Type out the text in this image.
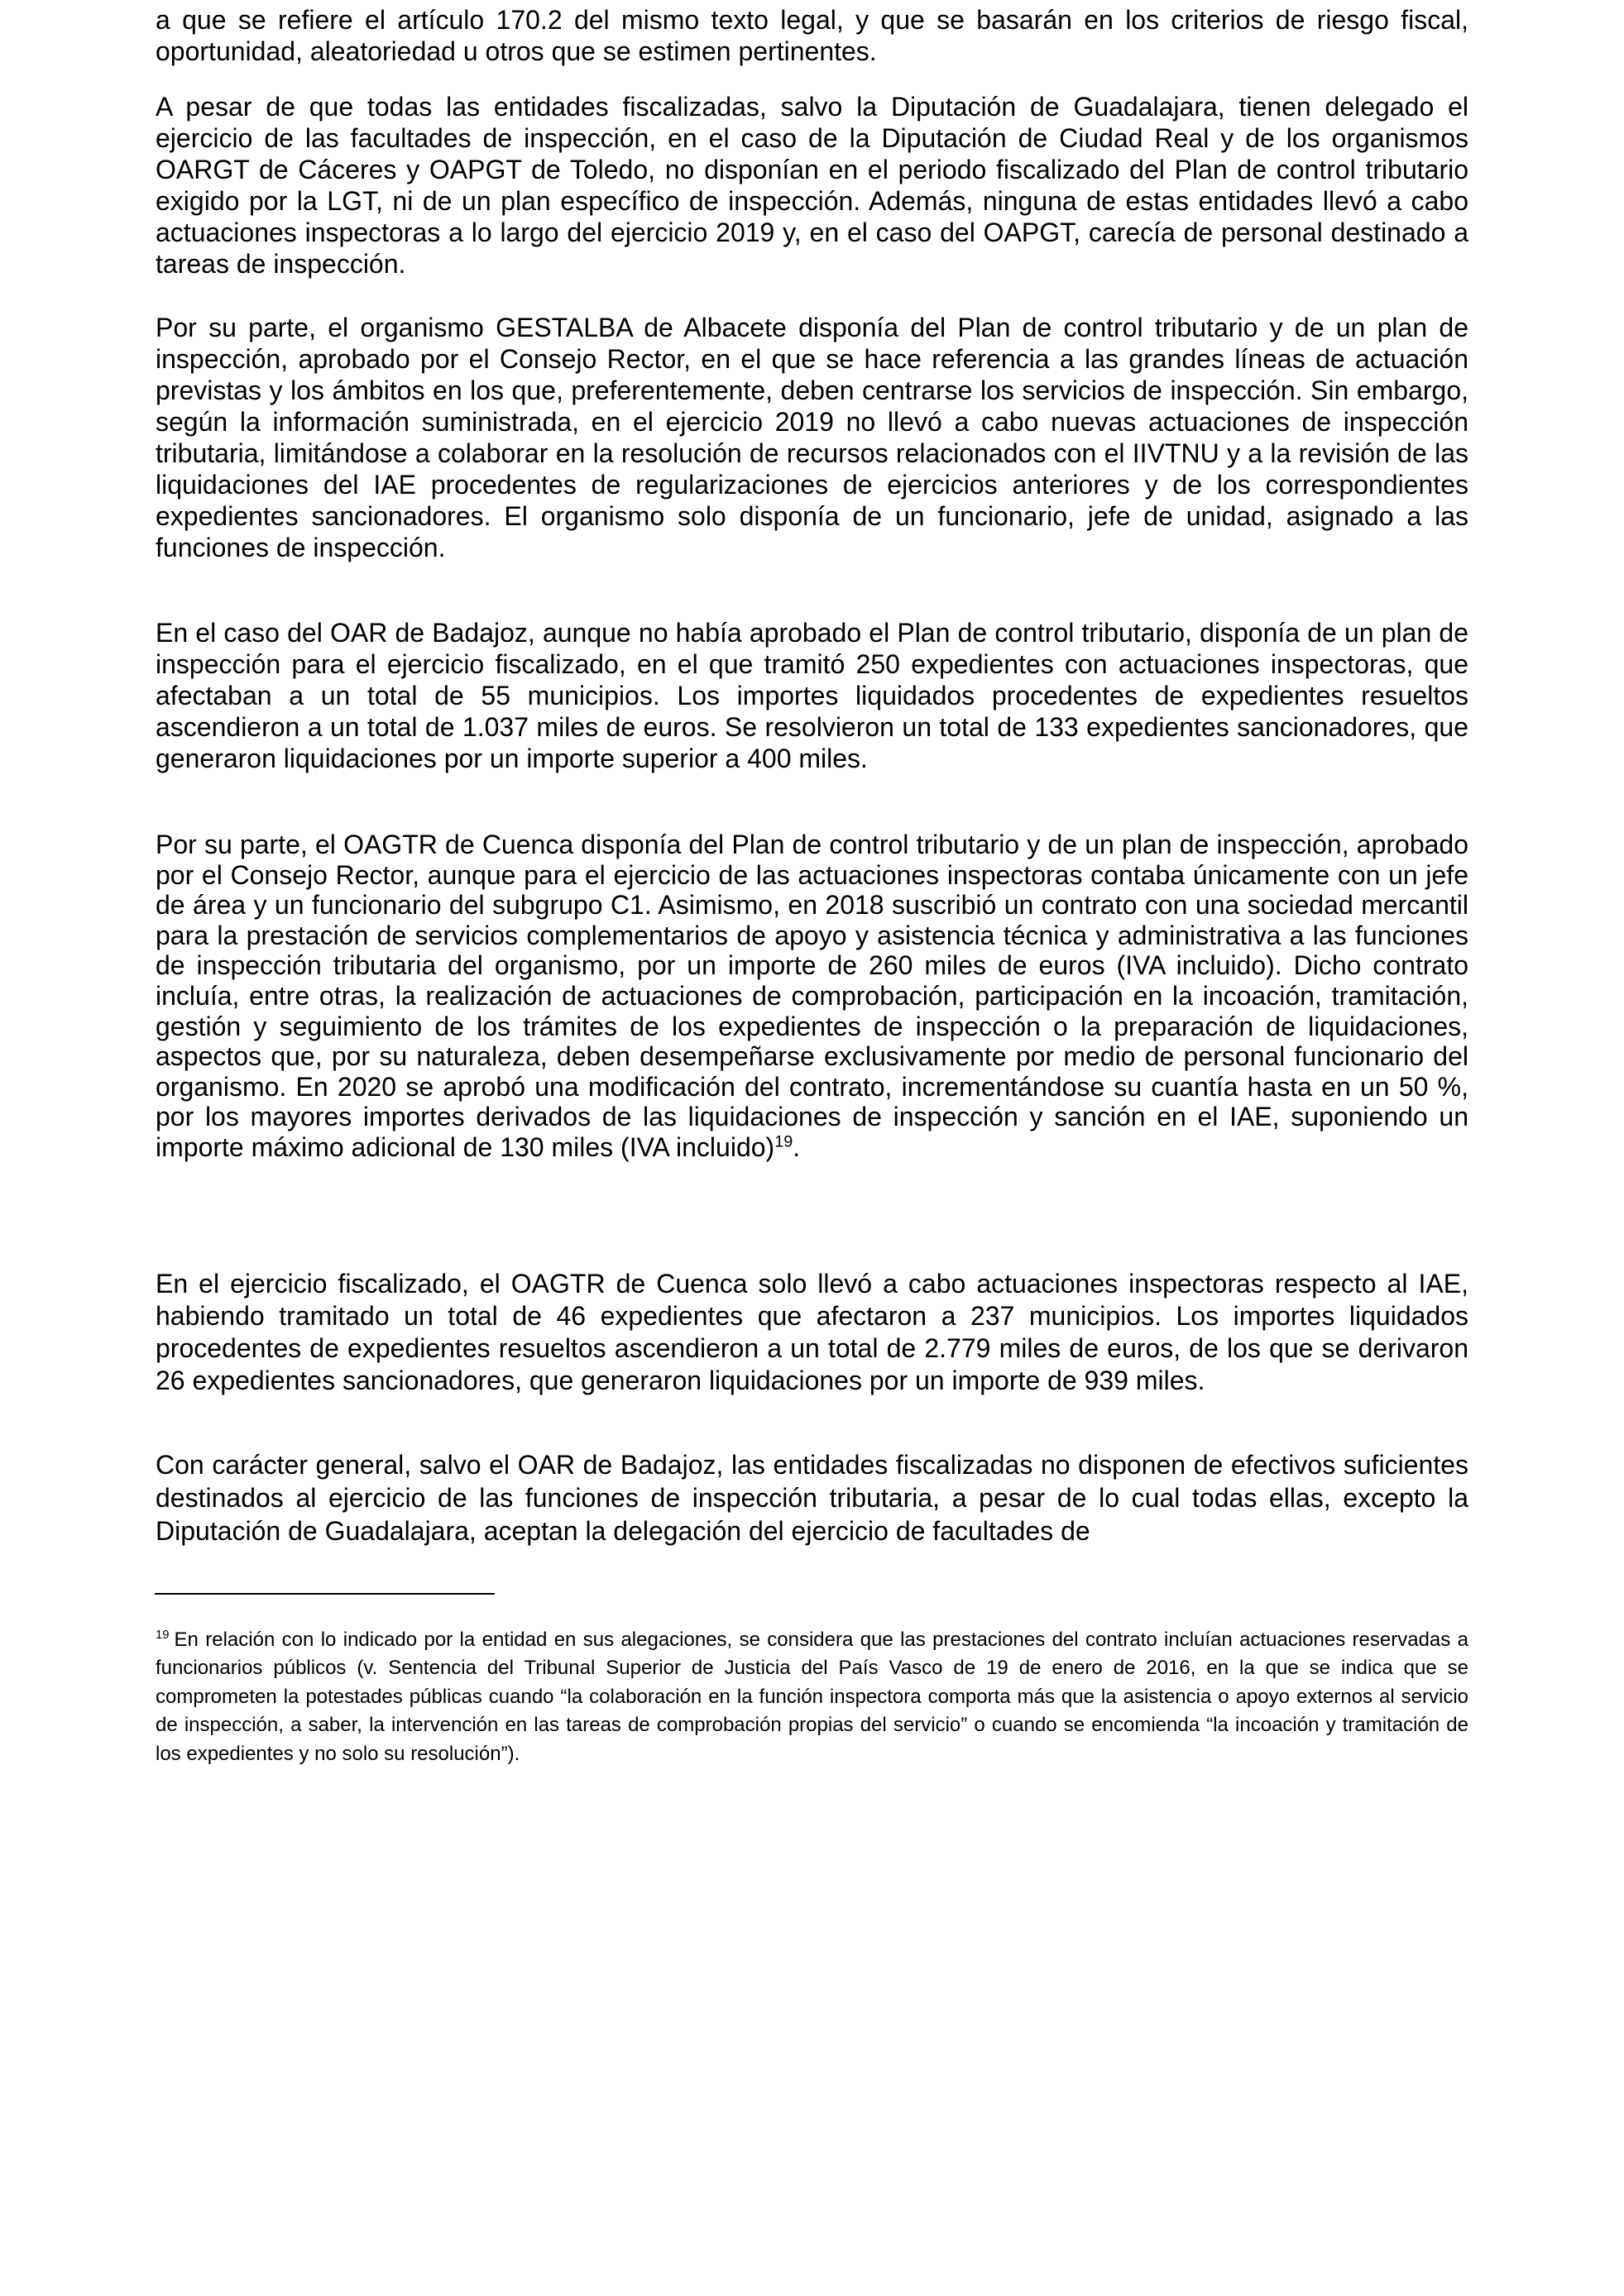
a que se refiere el artículo 170.2 del mismo texto legal, y que se basarán en los criterios de riesgo fiscal, oportunidad, aleatoriedad u otros que se estimen pertinentes.

A pesar de que todas las entidades fiscalizadas, salvo la Diputación de Guadalajara, tienen delegado el ejercicio de las facultades de inspección, en el caso de la Diputación de Ciudad Real y de los organismos OARGT de Cáceres y OAPGT de Toledo, no disponían en el periodo fiscalizado del Plan de control tributario exigido por la LGT, ni de un plan específico de inspección. Además, ninguna de estas entidades llevó a cabo actuaciones inspectoras a lo largo del ejercicio 2019 y, en el caso del OAPGT, carecía de personal destinado a tareas de inspección.

Por su parte, el organismo GESTALBA de Albacete disponía del Plan de control tributario y de un plan de inspección, aprobado por el Consejo Rector, en el que se hace referencia a las grandes líneas de actuación previstas y los ámbitos en los que, preferentemente, deben centrarse los servicios de inspección. Sin embargo, según la información suministrada, en el ejercicio 2019 no llevó a cabo nuevas actuaciones de inspección tributaria, limitándose a colaborar en la resolución de recursos relacionados con el IIVTNU y a la revisión de las liquidaciones del IAE procedentes de regularizaciones de ejercicios anteriores y de los correspondientes expedientes sancionadores. El organismo solo disponía de un funcionario, jefe de unidad, asignado a las funciones de inspección.

En el caso del OAR de Badajoz, aunque no había aprobado el Plan de control tributario, disponía de un plan de inspección para el ejercicio fiscalizado, en el que tramitó 250 expedientes con actuaciones inspectoras, que afectaban a un total de 55 municipios. Los importes liquidados procedentes de expedientes resueltos ascendieron a un total de 1.037 miles de euros. Se resolvieron un total de 133 expedientes sancionadores, que generaron liquidaciones por un importe superior a 400 miles.

Por su parte, el OAGTR de Cuenca disponía del Plan de control tributario y de un plan de inspección, aprobado por el Consejo Rector, aunque para el ejercicio de las actuaciones inspectoras contaba únicamente con un jefe de área y un funcionario del subgrupo C1. Asimismo, en 2018 suscribió un contrato con una sociedad mercantil para la prestación de servicios complementarios de apoyo y asistencia técnica y administrativa a las funciones de inspección tributaria del organismo, por un importe de 260 miles de euros (IVA incluido). Dicho contrato incluía, entre otras, la realización de actuaciones de comprobación, participación en la incoación, tramitación, gestión y seguimiento de los trámites de los expedientes de inspección o la preparación de liquidaciones, aspectos que, por su naturaleza, deben desempeñarse exclusivamente por medio de personal funcionario del organismo. En 2020 se aprobó una modificación del contrato, incrementándose su cuantía hasta en un 50 %, por los mayores importes derivados de las liquidaciones de inspección y sanción en el IAE, suponiendo un importe máximo adicional de 130 miles (IVA incluido)$^{19}$.

En el ejercicio fiscalizado, el OAGTR de Cuenca solo llevó a cabo actuaciones inspectoras respecto al IAE, habiendo tramitado un total de 46 expedientes que afectaron a 237 municipios. Los importes liquidados procedentes de expedientes resueltos ascendieron a un total de 2.779 miles de euros, de los que se derivaron 26 expedientes sancionadores, que generaron liquidaciones por un importe de 939 miles.

Con carácter general, salvo el OAR de Badajoz, las entidades fiscalizadas no disponen de efectivos suficientes destinados al ejercicio de las funciones de inspección tributaria, a pesar de lo cual todas ellas, excepto la Diputación de Guadalajara, aceptan la delegación del ejercicio de facultades de

$^{19}$ En relación con lo indicado por la entidad en sus alegaciones, se considera que las prestaciones del contrato incluían actuaciones reservadas a funcionarios públicos (v. Sentencia del Tribunal Superior de Justicia del País Vasco de 19 de enero de 2016, en la que se indica que se comprometen la potestades públicas cuando “la colaboración en la función inspectora comporta más que la asistencia o apoyo externos al servicio de inspección, a saber, la intervención en las tareas de comprobación propias del servicio” o cuando se encomienda “la incoación y tramitación de los expedientes y no solo su resolución”).
